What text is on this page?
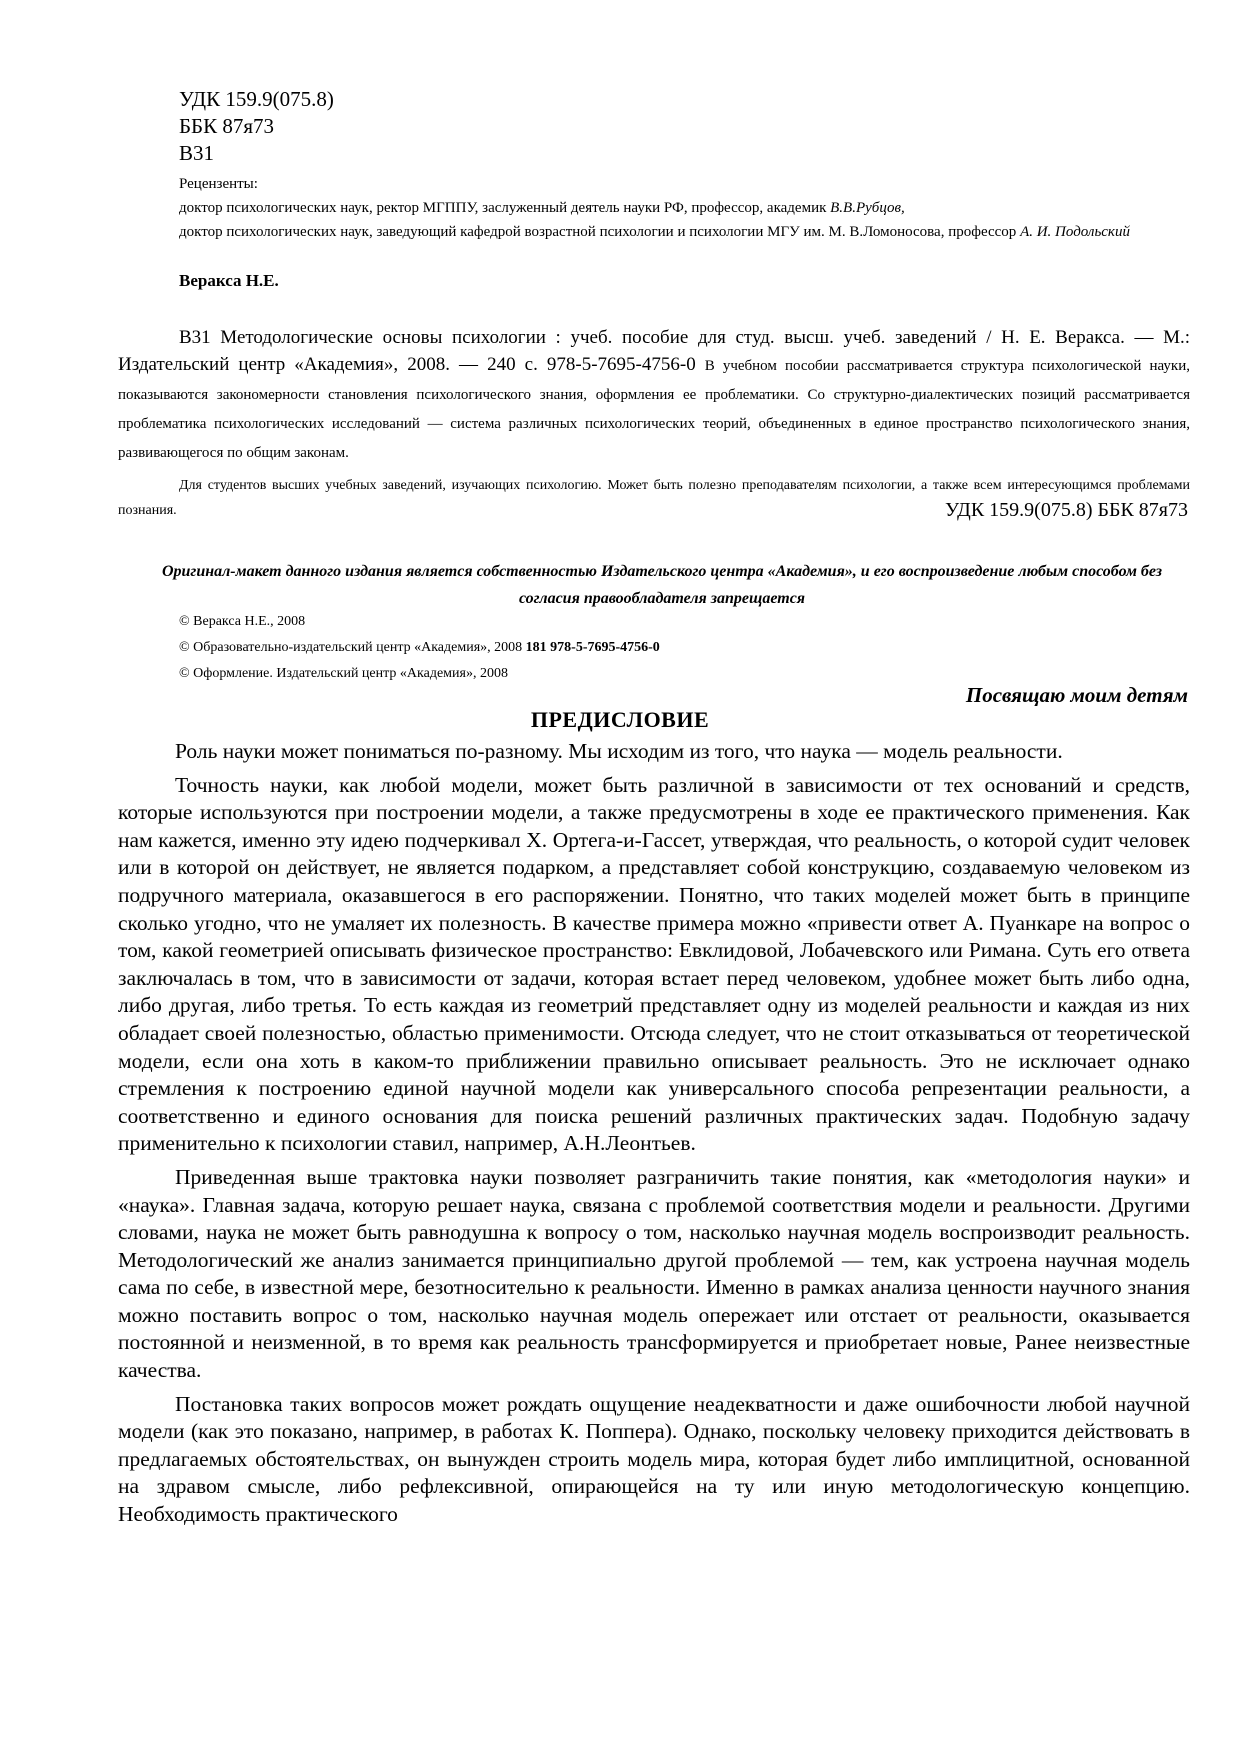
УДК 159.9(075.8)
ББК 87я73
В31
Рецензенты:
доктор психологических наук, ректор МГППУ, заслуженный деятель науки РФ, профессор, академик В.В.Рубцов,
доктор психологических наук, заведующий кафедрой возрастной психологии и психологии МГУ им. М. В.Ломоносова, профессор А. И. Подольский
Веракса Н.Е.

В31 Методологические основы психологии : учеб. пособие для студ. высш. учеб. заведений / Н. Е. Веракса. — М.: Издательский центр «Академия», 2008. — 240 с. 978-5-7695-4756-0 В учебном пособии рассматривается структура психологической науки, показываются закономерности становления психологического знания, оформления ее проблематики. Со структурно-диалектических позиций рассматривается проблематика психологических исследований — система различных психологических теорий, объединенных в единое пространство психологического знания, развивающегося по общим законам.

Для студентов высших учебных заведений, изучающих психологию. Может быть полезно преподавателям психологии, а также всем интересующимся проблемами познания.	УДК 159.9(075.8) ББК 87я73
Оригинал-макет данного издания является собственностью Издательского центра «Академия», и его воспроизведение любым способом без согласия правообладателя запрещается
© Веракса Н.Е., 2008
© Образовательно-издательский центр «Академия», 2008 181 978-5-7695-4756-0
© Оформление. Издательский центр «Академия», 2008
Посвящаю моим детям
ПРЕДИСЛОВИЕ

Роль науки может пониматься по-разному. Мы исходим из того, что наука — модель реальности.

Точность науки, как любой модели, может быть различной в зависимости от тех оснований и средств, которые используются при построении модели, а также предусмотрены в ходе ее практического применения. Как нам кажется, именно эту идею подчеркивал X. Ортега-и-Гассет, утверждая, что реальность, о которой судит человек или в которой он действует, не является подарком, а представляет собой конструкцию, создаваемую человеком из подручного материала, оказавшегося в его распоряжении. Понятно, что таких моделей может быть в принципе сколько угодно, что не умаляет их полезность. В качестве примера можно «привести ответ А. Пуанкаре на вопрос о том, какой геометрией описывать физическое пространство: Евклидовой, Лобачевского или Римана. Суть его ответа заключалась в том, что в зависимости от задачи, которая встает перед человеком, удобнее может быть либо одна, либо другая, либо третья. То есть каждая из геометрий представляет одну из моделей реальности и каждая из них обладает своей полезностью, областью применимости. Отсюда следует, что не стоит отказываться от теоретической модели, если она хоть в каком-то приближении правильно описывает реальность. Это не исключает однако стремления к построению единой научной модели как универсального способа репрезентации реальности, а соответственно и единого основания для поиска решений различных практических задач. Подобную задачу применительно к психологии ставил, например, А.Н.Леонтьев.

Приведенная выше трактовка науки позволяет разграничить такие понятия, как «методология науки» и «наука». Главная задача, которую решает наука, связана с проблемой соответствия модели и реальности. Другими словами, наука не может быть равнодушна к вопросу о том, насколько научная модель воспроизводит реальность. Методологический же анализ занимается принципиально другой проблемой — тем, как устроена научная модель сама по себе, в известной мере, безотносительно к реальности. Именно в рамках анализа ценности научного знания можно поставить вопрос о том, насколько научная модель опережает или отстает от реальности, оказывается постоянной и неизменной, в то время как реальность трансформируется и приобретает новые, Ранее неизвестные качества.

Постановка таких вопросов может рождать ощущение неадекватности и даже ошибочности любой научной модели (как это показано, например, в работах К. Поппера). Однако, поскольку человеку приходится действовать в предлагаемых обстоятельствах, он вынужден строить модель мира, которая будет либо имплицитной, основанной на здравом смысле, либо рефлексивной, опирающейся на ту или иную методологическую концепцию. Необходимость практического
